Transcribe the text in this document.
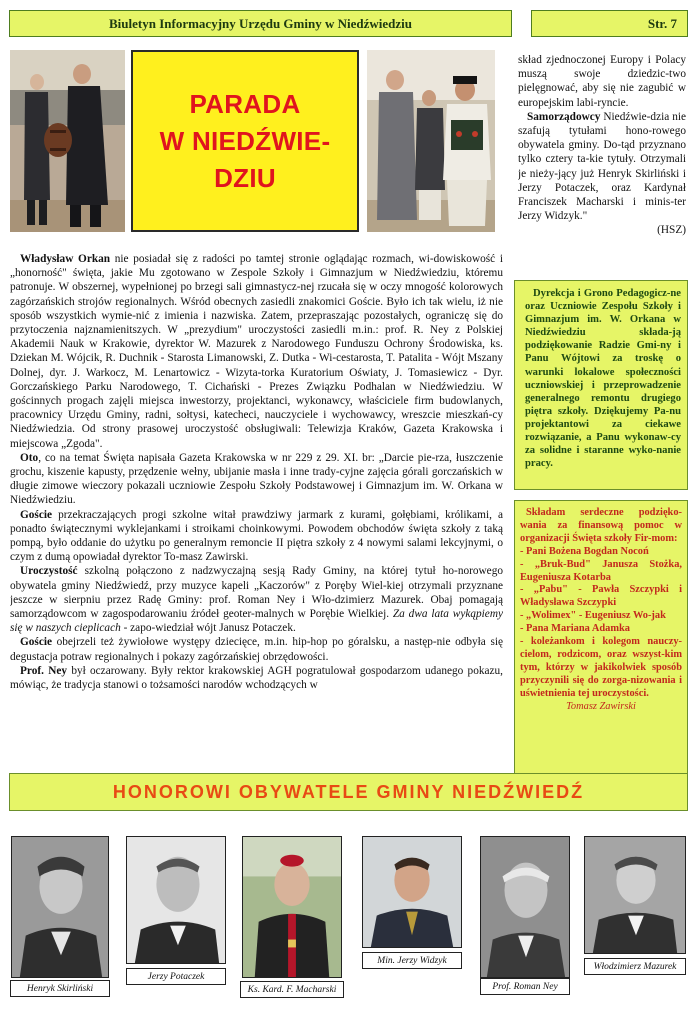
Biuletyn Informacyjny Urzędu Gminy w Niedźwiedziu	Str. 7
PARADA
W NIEDŹWIE-
DZIU

Władysław Orkan nie posiadał się z radości po tamtej stronie oglądając rozmach, wi-dowiskowość i „honorność" święta, jakie Mu zgotowano w Zespole Szkoły i Gimnazjum w Niedźwiedziu, któremu patronuje. W obszernej, wypełnionej po brzegi sali gimnastycz-nej rzucała się w oczy mnogość kolorowych zagórzańskich strojów regionalnych. Wśród obecnych zasiedli znakomici Goście. Było ich tak wielu, iż nie sposób wszystkich wymie-nić z imienia i nazwiska. Zatem, przepraszając pozostałych, ograniczę się do przytoczenia najznamienitszych. W „prezydium" uroczystości zasiedli m.in.: prof. R. Ney z Polskiej Akademii Nauk w Krakowie, dyrektor W. Mazurek z Narodowego Funduszu Ochrony Środowiska, ks. Dziekan M. Wójcik, R. Duchnik - Starosta Limanowski, Z. Dutka - Wi-cestarosta, T. Patalita - Wójt Mszany Dolnej, dyr. J. Warkocz, M. Lenartowicz - Wizyta-torka Kuratorium Oświaty, J. Tomasiewicz - Dyr. Gorczańskiego Parku Narodowego, T. Cichański - Prezes Związku Podhalan w Niedźwiedziu. W gościnnych progach zajęli miejsca inwestorzy, projektanci, wykonawcy, właściciele firm budowlanych, pracownicy Urzędu Gminy, radni, sołtysi, katecheci, nauczyciele i wychowawcy, wreszcie mieszkań-cy Niedźwiedzia. Od strony prasowej uroczystość obsługiwali: Telewizja Kraków, Gazeta Krakowska i miejscowa „Zgoda".

Oto, co na temat Święta napisała Gazeta Krakowska w nr 229 z 29. XI. br: „Darcie pie-rza, łuszczenie grochu, kiszenie kapusty, przędzenie wełny, ubijanie masła i inne trady-cyjne zajęcia górali gorczańskich w długie zimowe wieczory pokazali uczniowie Zespołu Szkoły Podstawowej i Gimnazjum im. W. Orkana w Niedźwiedziu.

Goście przekraczających progi szkolne witał prawdziwy jarmark z kurami, gołębiami, królikami, a ponadto świątecznymi wyklejankami i stroikami choinkowymi. Powodem obchodów święta szkoły z taką pompą, było oddanie do użytku po generalnym remoncie II piętra szkoły z 4 nowymi salami lekcyjnymi, o czym z dumą opowiadał dyrektor To-masz Zawirski.

Uroczystość szkolną połączono z nadzwyczajną sesją Rady Gminy, na której tytuł ho-norowego obywatela gminy Niedźwiedź, przy muzyce kapeli „Kaczorów" z Poręby Wiel-kiej otrzymali przyznane jeszcze w sierpniu przez Radę Gminy: prof. Roman Ney i Wło-dzimierz Mazurek. Obaj pomagają samorządowcom w zagospodarowaniu źródeł geoter-malnych w Porębie Wielkiej. Za dwa lata wykąpiemy się w naszych cieplicach - zapo-wiedział wójt Janusz Potaczek.

Goście obejrzeli też żywiołowe występy dziecięce, m.in. hip-hop po góralsku, a następ-nie odbyła się degustacja potraw regionalnych i pokazy zagórzańskiej obrzędowości.

Prof. Ney był oczarowany. Były rektor krakowskiej AGH pogratulował gospodarzom udanego pokazu, mówiąc, że tradycja stanowi o tożsamości narodów wchodzących w

skład zjednoczonej Europy i Polacy muszą swoje dziedzic-two pielęgnować, aby się nie zagubić w europejskim labi-ryncie.

Samorządowcy Niedźwie-dzia nie szafują tytułami hono-rowego obywatela gminy. Do-tąd przyznano tylko cztery ta-kie tytuły. Otrzymali je nieży-jący już Henryk Skirliński i Jerzy Potaczek, oraz Kardynał Franciszek Macharski i minis-ter Jerzy Widzyk."

(HSZ)

Dyrekcja i Grono Pedagogicz-ne oraz Uczniowie Zespołu Szkoły i Gimnazjum im. W. Orkana w Niedźwiedziu składa-ją podziękowanie Radzie Gmi-ny i Panu Wójtowi za troskę o warunki lokalowe społeczności uczniowskiej i przeprowadzenie generalnego remontu drugiego piętra szkoły. Dziękujemy Pa-nu projektantowi za ciekawe rozwiązanie, a Panu wykonaw-cy za solidne i staranne wyko-nanie pracy.

Składam serdeczne podzięko-wania za finansową pomoc w organizacji Święta szkoły Fir-mom:

- Pani Bożena Bogdan Nocoń
- „Bruk-Bud" Janusza Stożka, Eugeniusza Kotarba
- „Pabu" - Pawła Szczypki i Władysława Szczypki
- „Wolimex" - Eugeniusz Wo-jak
- Pana Mariana Adamka
- koleżankom i kolegom nauczy-cielom, rodzicom, oraz wszyst-kim tym, którzy w jakikolwiek sposób przyczynili się do zorga-nizowania i uświetnienia tej uroczystości.
Tomasz Zawirski
HONOROWI OBYWATELE GMINY NIEDŹWIEDŹ
Henryk Skirliński
Jerzy Potaczek
Ks. Kard. F. Macharski
Min. Jerzy Widzyk
Prof. Roman Ney
Włodzimierz Mazurek
